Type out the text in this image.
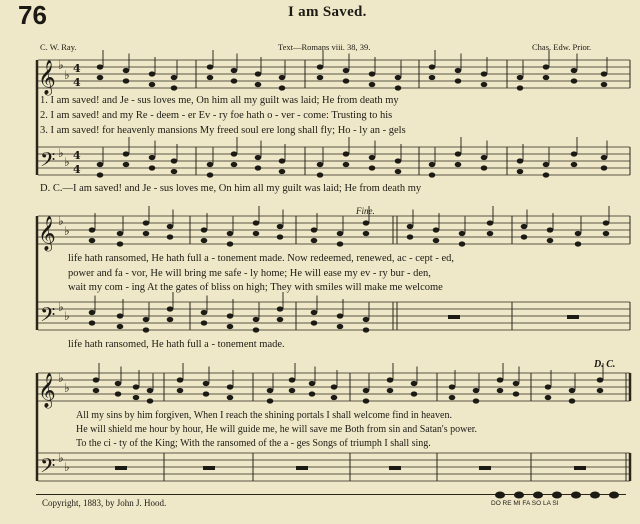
76	I am Saved.
C. W. Ray.	Text—Romans viii. 38, 39.	Chas. Edw. Prior.
𝄞
𝄢
𝄞
𝄢
𝄞
𝄢
♭
♭ 4
4
♭
♭ 4
4
♭
♭
♭
♭
♭
♭
♭
♭
1. I am saved! and Je - sus loves me, On him all my guilt was laid; He from death my
2. I am saved! and my Re - deem - er Ev - ry foe hath o - ver - come: Trusting to his
3. I am saved! for heavenly mansions My freed soul ere long shall fly; Ho - ly an - gels
D. C.—I am saved! and Je - sus loves me, On him all my guilt was laid; He from death my
Fine.
life hath ransomed, He hath full a - tonement made. Now redeemed, renewed, ac - cept - ed,
power and fa - vor, He will bring me safe - ly home; He will ease my ev - ry bur - den,
wait my com - ing At the gates of bliss on high; They with smiles will make me welcome
life hath ransomed, He hath full a - tonement made.
D. C.
All my sins by him forgiven, When I reach the shining portals I shall welcome find in heaven.
He will shield me hour by hour, He will guide me, he will save me Both from sin and Satan's power.
To the ci - ty of the King; With the ransomed of the a - ges Songs of triumph I shall sing.
Copyright, 1883, by John J. Hood.	DO RE MI FA SO LA SI
